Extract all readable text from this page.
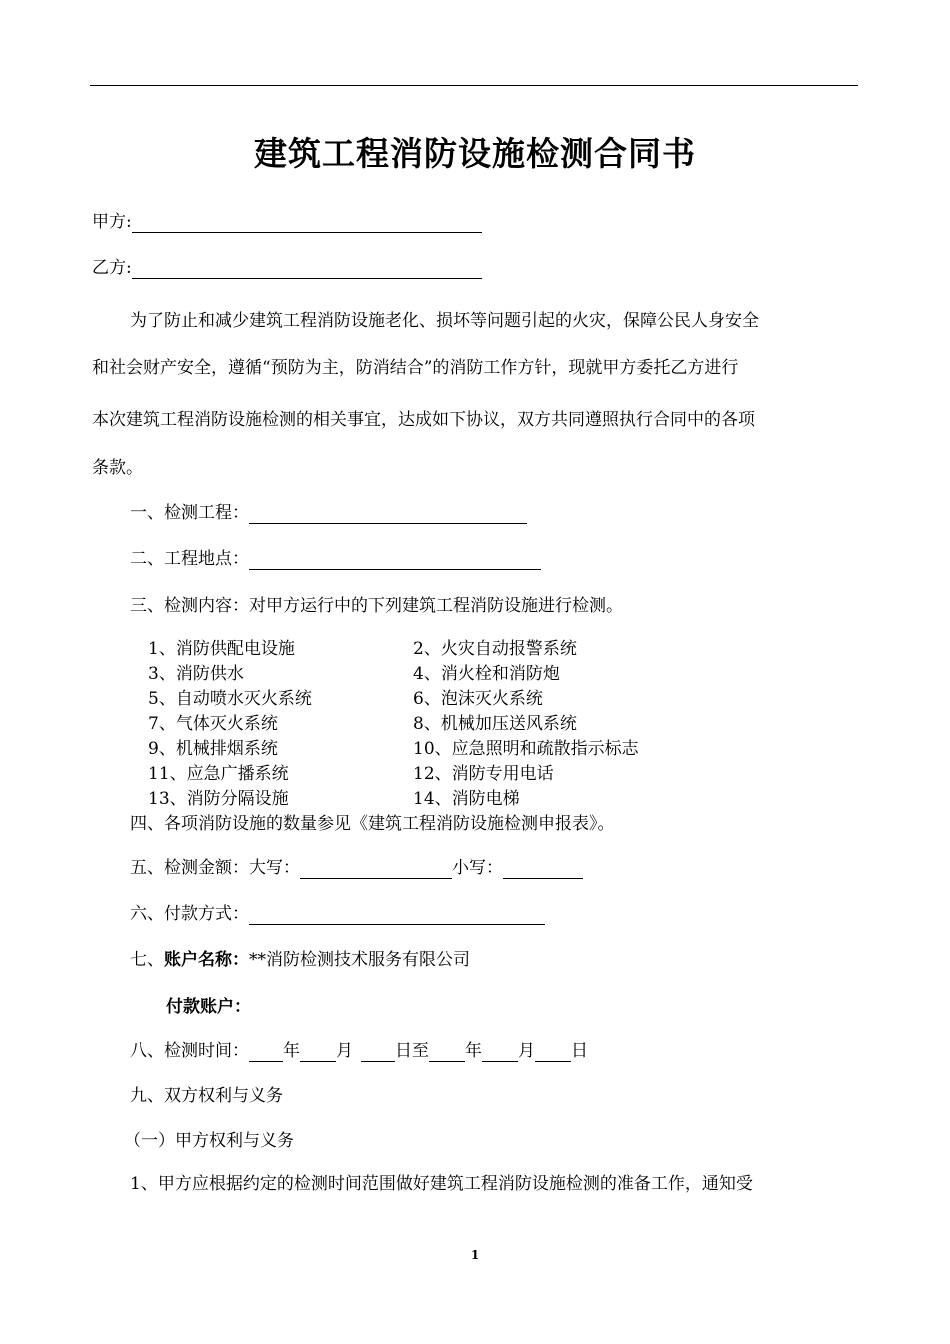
建筑工程消防设施检测合同书
甲方:
乙方:
为了防止和减少建筑工程消防设施老化、损坏等问题引起的火灾，保障公民人身安全
和社会财产安全，遵循“预防为主，防消结合”的消防工作方针，现就甲方委托乙方进行
本次建筑工程消防设施检测的相关事宜，达成如下协议，双方共同遵照执行合同中的各项
条款。
一、检测工程：
二、工程地点：
三、检测内容：对甲方运行中的下列建筑工程消防设施进行检测。
1、消防供配电设施
3、消防供水
5、自动喷水灭火系统
7、气体灭火系统
9、机械排烟系统
11、应急广播系统
13、消防分隔设施
2、火灾自动报警系统
4、消火栓和消防炮
6、泡沫灭火系统
8、机械加压送风系统
10、应急照明和疏散指示标志
12、消防专用电话
14、消防电梯
四、各项消防设施的数量参见《建筑工程消防设施检测申报表》。
五、检测金额：大写：	小写：
六、付款方式：
七、账户名称：**消防检测技术服务有限公司
付款账户：
八、检测时间： 年 月 日至 年 月 日
九、双方权利与义务
（一）甲方权利与义务
1、甲方应根据约定的检测时间范围做好建筑工程消防设施检测的准备工作，通知受
1
